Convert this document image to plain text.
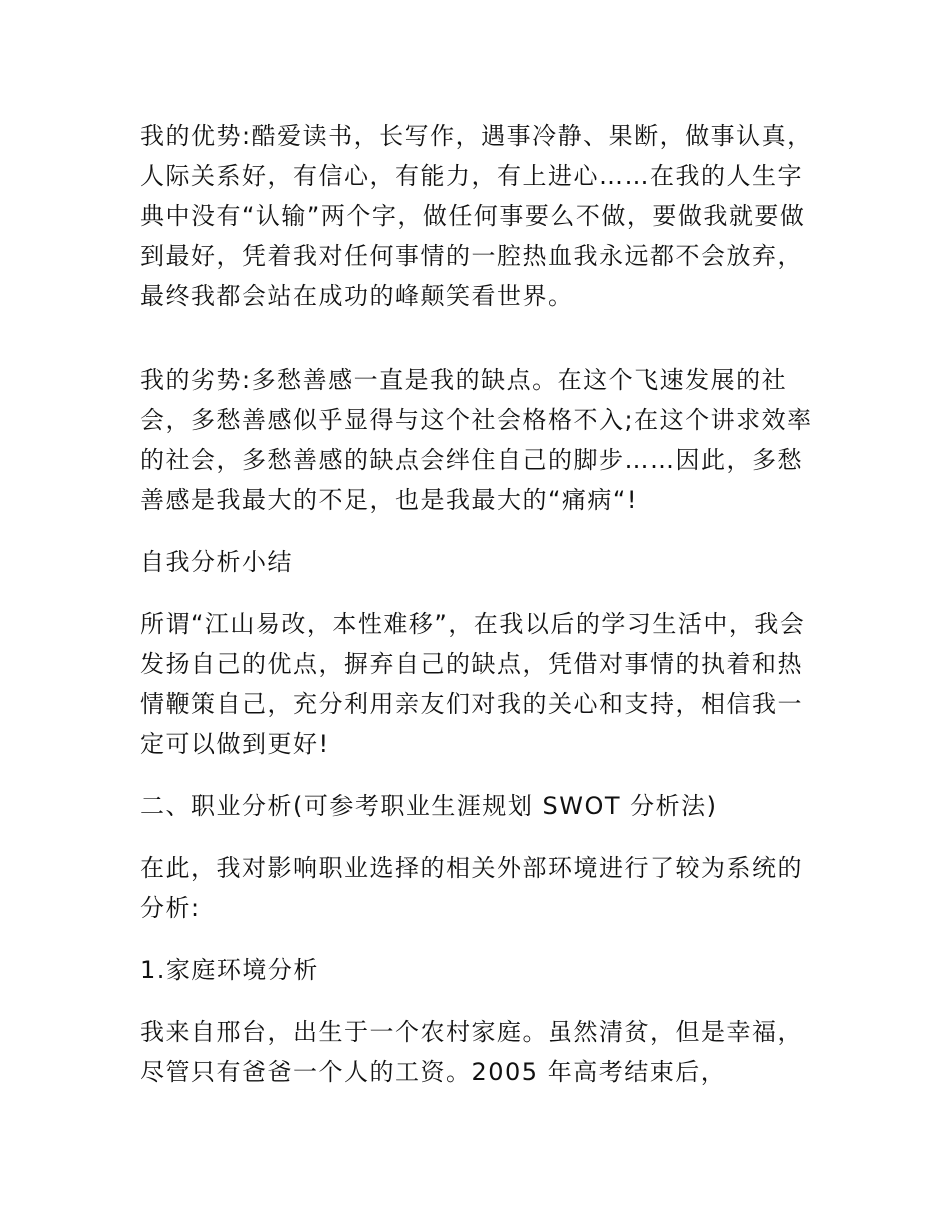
我的优势:酷爱读书，长写作，遇事冷静、果断，做事认真，人际关系好，有信心，有能力，有上进心……在我的人生字典中没有“认输”两个字，做任何事要么不做，要做我就要做到最好，凭着我对任何事情的一腔热血我永远都不会放弃，最终我都会站在成功的峰颠笑看世界。

我的劣势:多愁善感一直是我的缺点。在这个飞速发展的社会，多愁善感似乎显得与这个社会格格不入;在这个讲求效率的社会，多愁善感的缺点会绊住自己的脚步……因此，多愁善感是我最大的不足，也是我最大的“痛病“!

自我分析小结

所谓“江山易改，本性难移”，在我以后的学习生活中，我会发扬自己的优点，摒弃自己的缺点，凭借对事情的执着和热情鞭策自己，充分利用亲友们对我的关心和支持，相信我一定可以做到更好!

二、职业分析(可参考职业生涯规划 SWOT 分析法)

在此，我对影响职业选择的相关外部环境进行了较为系统的分析:

1.家庭环境分析

我来自邢台，出生于一个农村家庭。虽然清贫，但是幸福，尽管只有爸爸一个人的工资。2005 年高考结束后，
